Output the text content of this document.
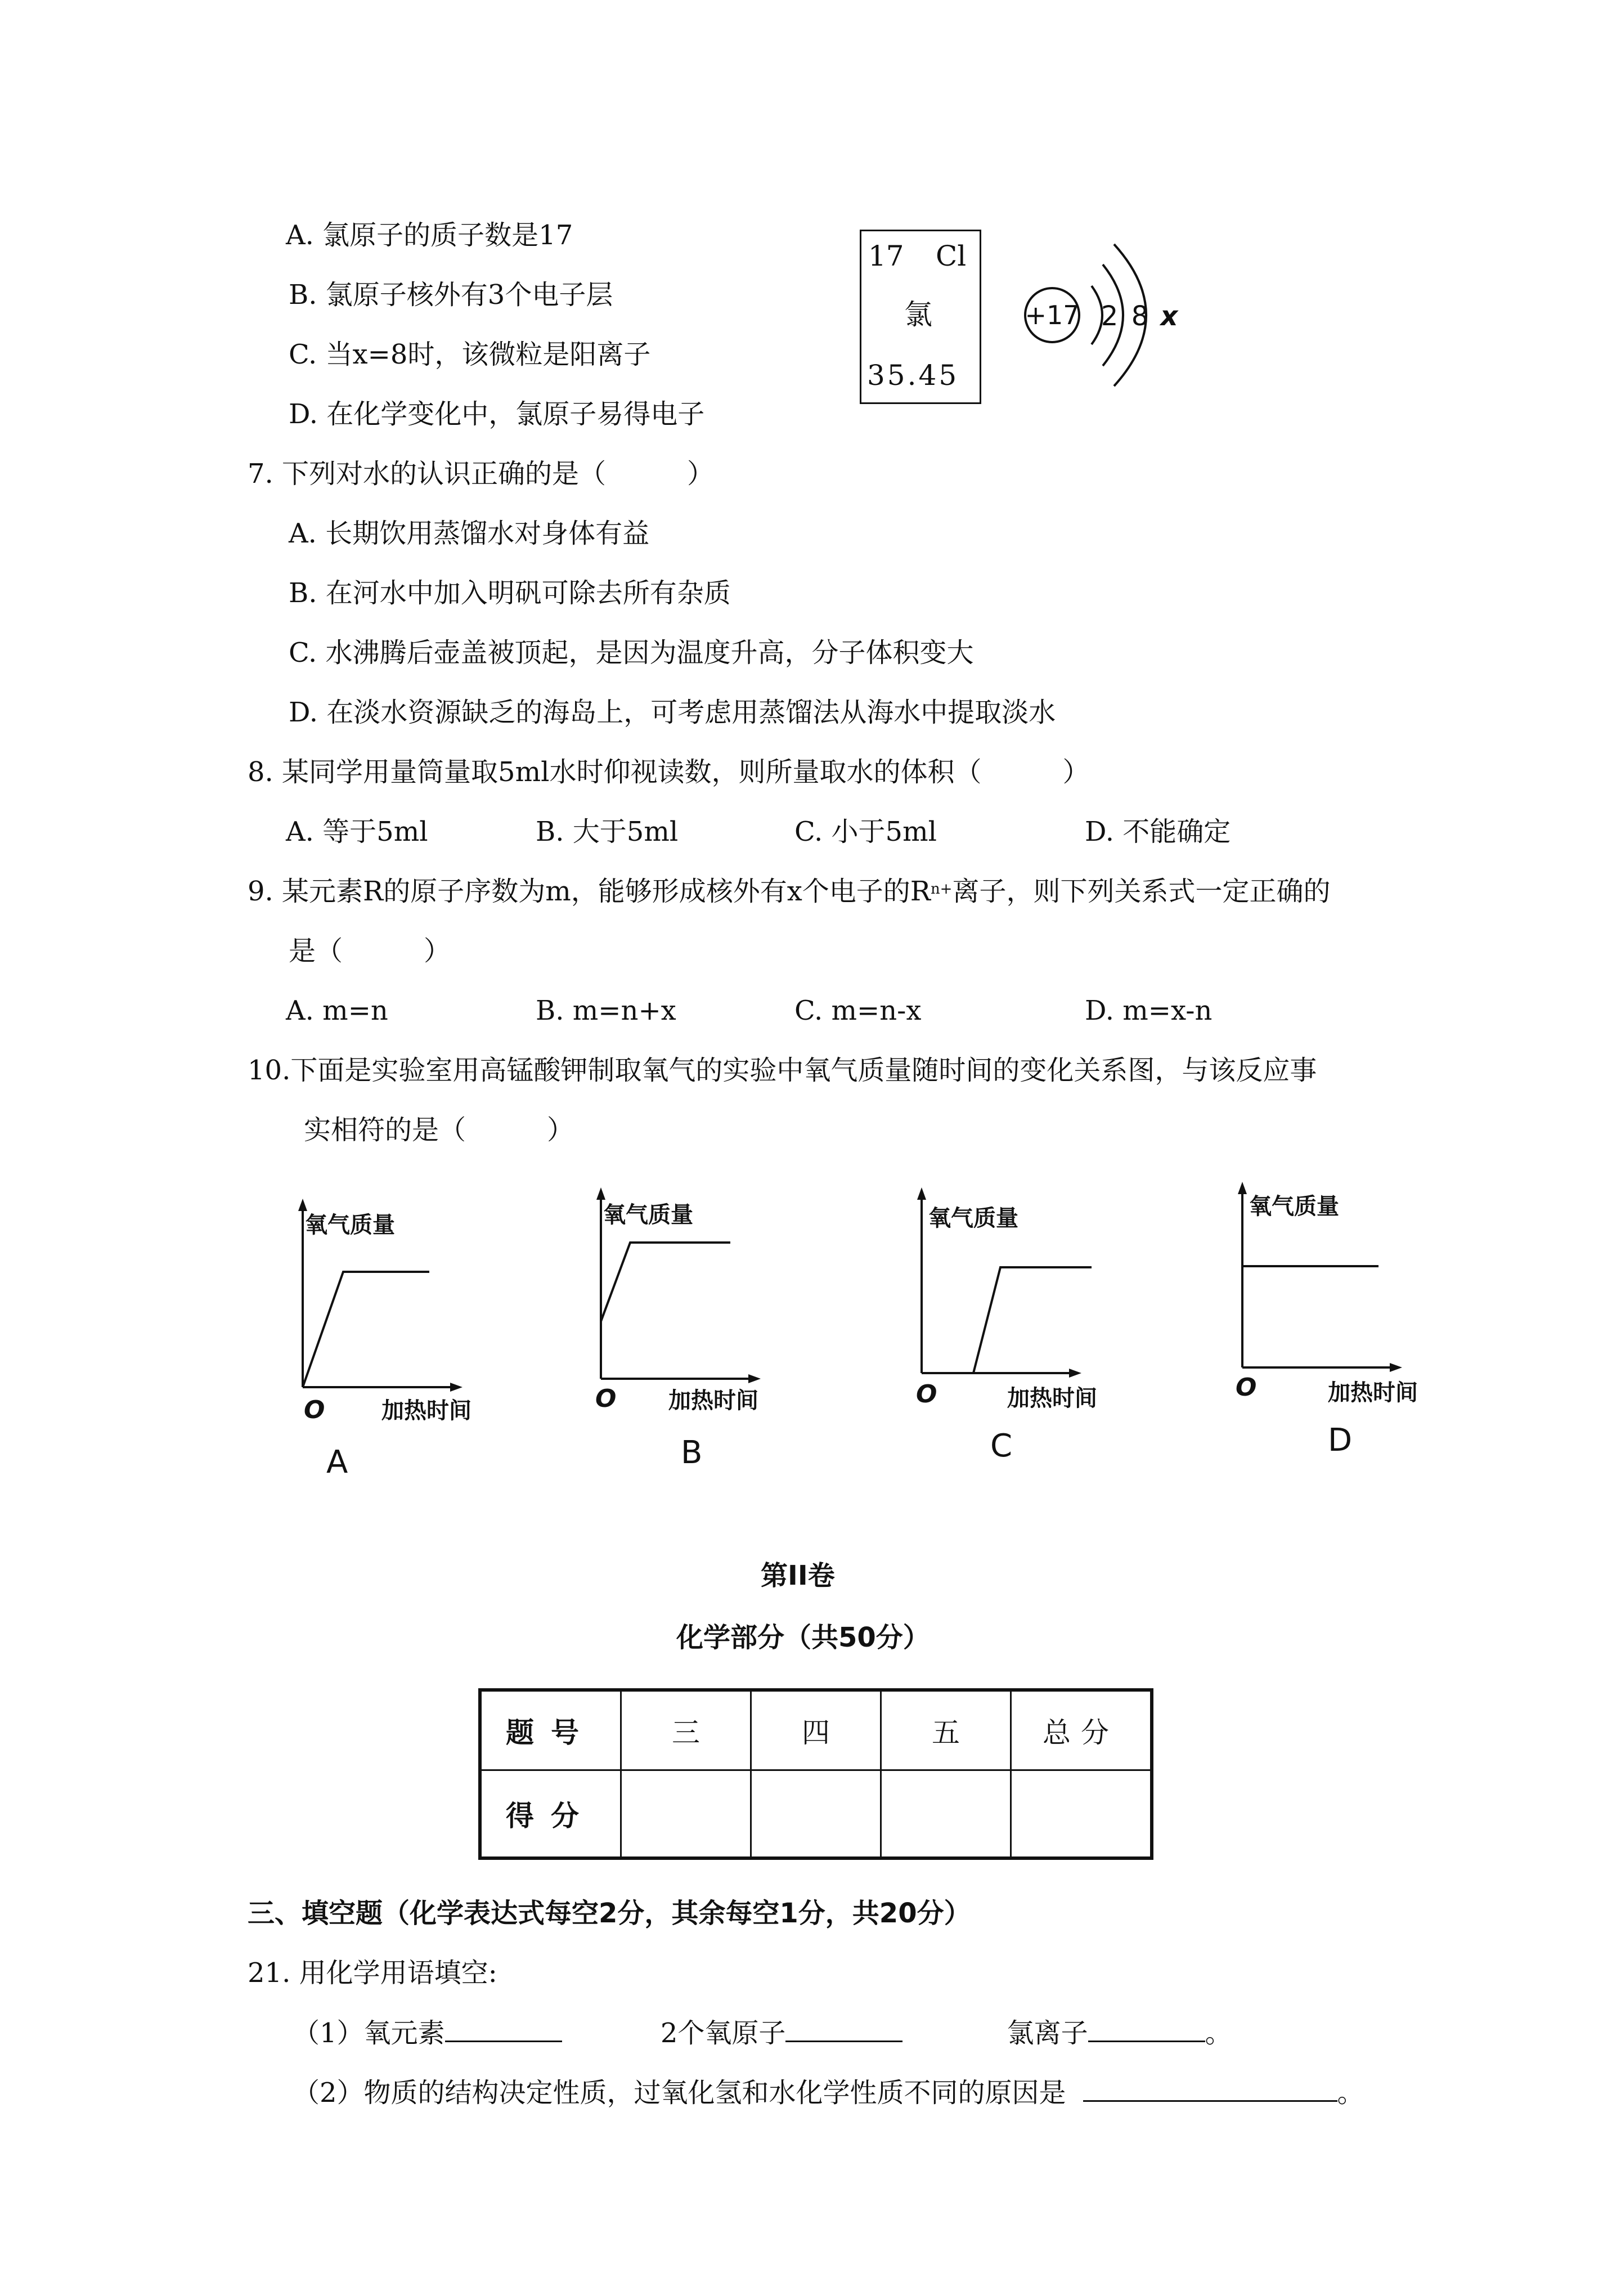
A. 氯原子的质子数是17
B. 氯原子核外有3个电子层
C. 当x=8时，该微粒是阳离子
D. 在化学变化中，氯原子易得电子
17 Cl
氯
35.45
+17 2 8 x
7. 下列对水的认识正确的是（　　　）
A. 长期饮用蒸馏水对身体有益
B. 在河水中加入明矾可除去所有杂质
C. 水沸腾后壶盖被顶起，是因为温度升高，分子体积变大
D. 在淡水资源缺乏的海岛上，可考虑用蒸馏法从海水中提取淡水
8. 某同学用量筒量取5ml水时仰视读数，则所量取水的体积（　　　）
A. 等于5ml	B. 大于5ml	C. 小于5ml	D. 不能确定
9. 某元素R的原子序数为m，能够形成核外有x个电子的$R^{n+}$离子，则下列关系式一定正确的
是（　　　）
A. m=n	B. m=n+x	C. m=n-x	D. m=x-n
10.下面是实验室用高锰酸钾制取氧气的实验中氧气质量随时间的变化关系图，与该反应事
实相符的是（　　　）
氧气质量
O	加热时间
A
氧气质量
O 加热时间
B
氧气质量
O	加热时间
C
氧气质量
O	加热时间
D
第II卷
化学部分（共50分）
题号	三	四	五	总分
得分				
三、填空题（化学表达式每空2分，其余每空1分，共20分）
21. 用化学用语填空:
（1）氧元素	2个氧原子	氯离子	。
（2）物质的结构决定性质，过氧化氢和水化学性质不同的原因是	。
